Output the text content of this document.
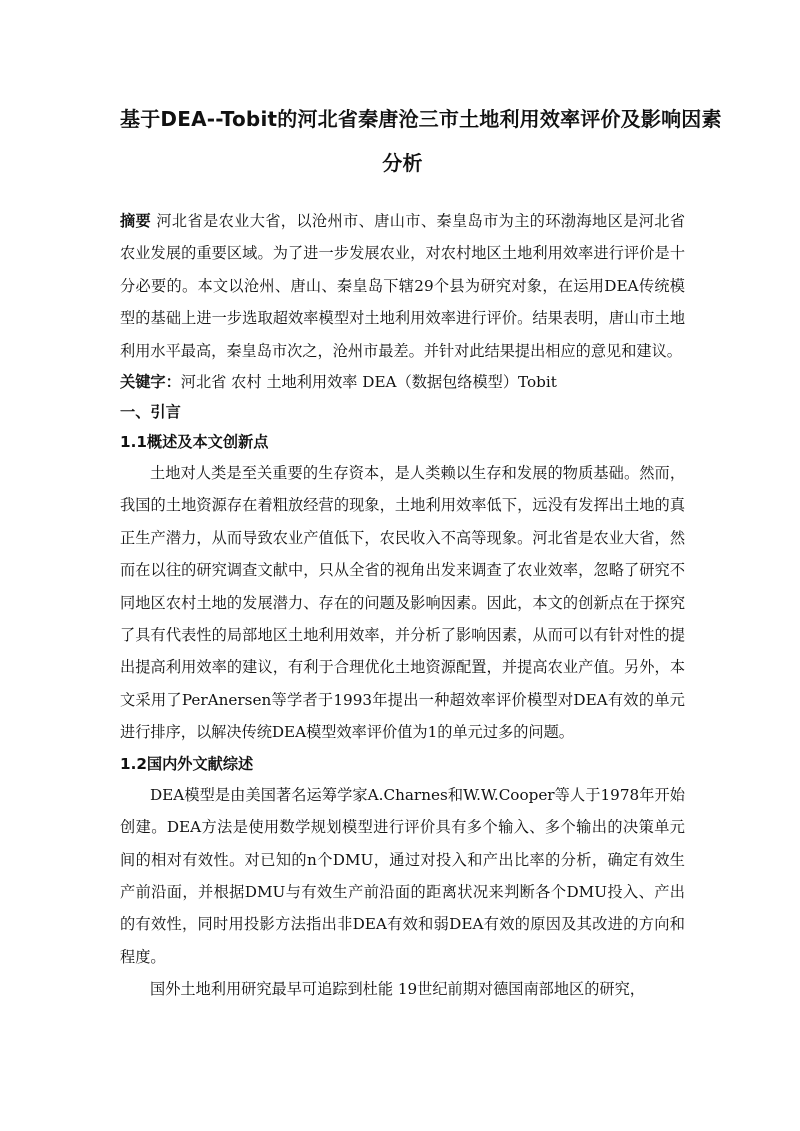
基于DEA--Tobit的河北省秦唐沧三市土地利用效率评价及影响因素
分析
摘要 河北省是农业大省，以沧州市、唐山市、秦皇岛市为主的环渤海地区是河北省农业发展的重要区域。为了进一步发展农业，对农村地区土地利用效率进行评价是十分必要的。本文以沧州、唐山、秦皇岛下辖29个县为研究对象，在运用DEA传统模型的基础上进一步选取超效率模型对土地利用效率进行评价。结果表明，唐山市土地利用水平最高，秦皇岛市次之，沧州市最差。并针对此结果提出相应的意见和建议。
关键字：河北省 农村 土地利用效率 DEA（数据包络模型）Tobit
一、引言
1.1概述及本文创新点

土地对人类是至关重要的生存资本，是人类赖以生存和发展的物质基础。然而，我国的土地资源存在着粗放经营的现象，土地利用效率低下，远没有发挥出土地的真正生产潜力，从而导致农业产值低下，农民收入不高等现象。河北省是农业大省，然而在以往的研究调查文献中，只从全省的视角出发来调查了农业效率，忽略了研究不同地区农村土地的发展潜力、存在的问题及影响因素。因此，本文的创新点在于探究了具有代表性的局部地区土地利用效率，并分析了影响因素，从而可以有针对性的提出提高利用效率的建议，有利于合理优化土地资源配置，并提高农业产值。另外，本文采用了PerAnersen等学者于1993年提出一种超效率评价模型对DEA有效的单元进行排序，以解决传统DEA模型效率评价值为1的单元过多的问题。

1.2国内外文献综述

DEA模型是由美国著名运筹学家A.Charnes和W.W.Cooper等人于1978年开始创建。DEA方法是使用数学规划模型进行评价具有多个输入、多个输出的决策单元间的相对有效性。对已知的n个DMU，通过对投入和产出比率的分析，确定有效生产前沿面，并根据DMU与有效生产前沿面的距离状况来判断各个DMU投入、产出的有效性，同时用投影方法指出非DEA有效和弱DEA有效的原因及其改进的方向和程度。

国外土地利用研究最早可追踪到杜能 19世纪前期对德国南部地区的研究，
